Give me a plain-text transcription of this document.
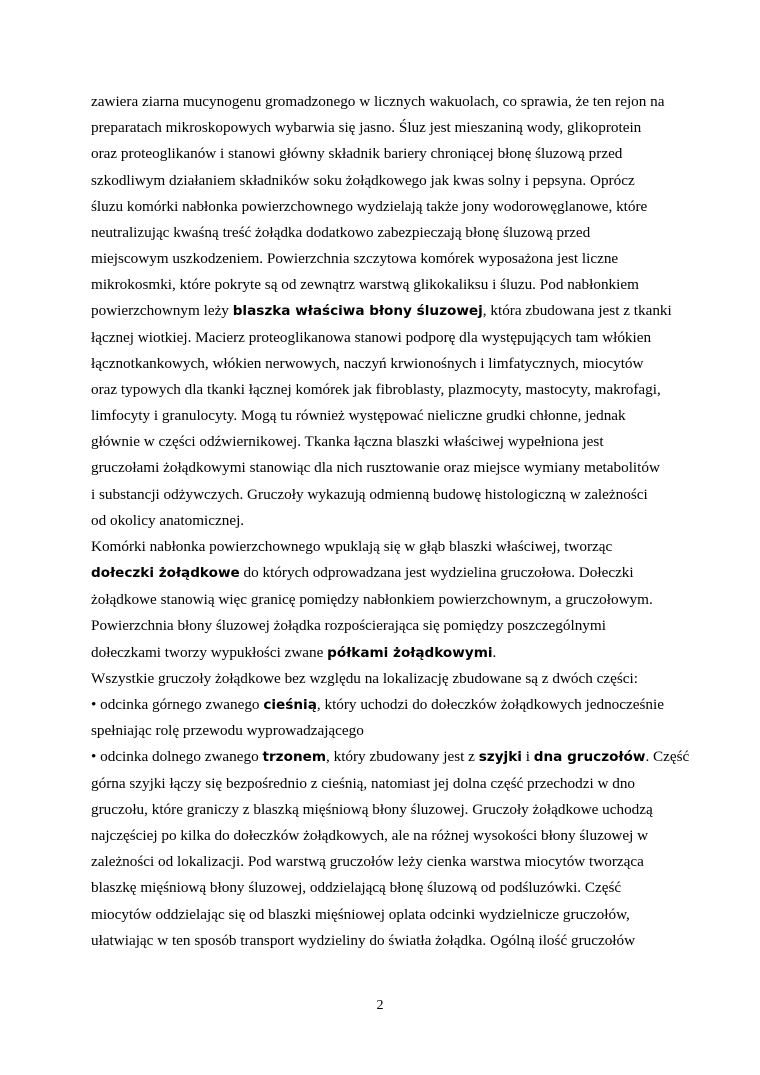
zawiera ziarna mucynogenu gromadzonego w licznych wakuolach, co sprawia, że ten rejon na
preparatach mikroskopowych wybarwia się jasno. Śluz jest mieszaniną wody, glikoprotein
oraz proteoglikanów i stanowi główny składnik bariery chroniącej błonę śluzową przed
szkodliwym działaniem składników soku żołądkowego jak kwas solny i pepsyna. Oprócz
śluzu komórki nabłonka powierzchownego wydzielają także jony wodorowęglanowe, które
neutralizując kwaśną treść żołądka dodatkowo zabezpieczają błonę śluzową przed
miejscowym uszkodzeniem. Powierzchnia szczytowa komórek wyposażona jest liczne
mikrokosmki, które pokryte są od zewnątrz warstwą glikokaliksu i śluzu. Pod nabłonkiem
powierzchownym leży blaszka właściwa błony śluzowej, która zbudowana jest z tkanki
łącznej wiotkiej. Macierz proteoglikanowa stanowi podporę dla występujących tam włókien
łącznotkankowych, włókien nerwowych, naczyń krwionośnych i limfatycznych, miocytów
oraz typowych dla tkanki łącznej komórek jak fibroblasty, plazmocyty, mastocyty, makrofagi,
limfocyty i granulocyty. Mogą tu również występować nieliczne grudki chłonne, jednak
głównie w części odźwiernikowej. Tkanka łączna blaszki właściwej wypełniona jest
gruczołami żołądkowymi stanowiąc dla nich rusztowanie oraz miejsce wymiany metabolitów
i substancji odżywczych. Gruczoły wykazują odmienną budowę histologiczną w zależności
od okolicy anatomicznej.
Komórki nabłonka powierzchownego wpuklają się w głąb blaszki właściwej, tworząc
dołeczki żołądkowe do których odprowadzana jest wydzielina gruczołowa. Dołeczki
żołądkowe stanowią więc granicę pomiędzy nabłonkiem powierzchownym, a gruczołowym.
Powierzchnia błony śluzowej żołądka rozpościerająca się pomiędzy poszczególnymi
dołeczkami tworzy wypukłości zwane półkami żołądkowymi.
Wszystkie gruczoły żołądkowe bez względu na lokalizację zbudowane są z dwóch części:
• odcinka górnego zwanego cieśnią, który uchodzi do dołeczków żołądkowych jednocześnie
spełniając rolę przewodu wyprowadzającego
• odcinka dolnego zwanego trzonem, który zbudowany jest z szyjki i dna gruczołów. Część
górna szyjki łączy się bezpośrednio z cieśnią, natomiast jej dolna część przechodzi w dno
gruczołu, które graniczy z blaszką mięśniową błony śluzowej. Gruczoły żołądkowe uchodzą
najczęściej po kilka do dołeczków żołądkowych, ale na różnej wysokości błony śluzowej w
zależności od lokalizacji. Pod warstwą gruczołów leży cienka warstwa miocytów tworząca
blaszkę mięśniową błony śluzowej, oddzielającą błonę śluzową od podśluzówki. Część
miocytów oddzielając się od blaszki mięśniowej oplata odcinki wydzielnicze gruczołów,
ułatwiając w ten sposób transport wydzieliny do światła żołądka. Ogólną ilość gruczołów
2
